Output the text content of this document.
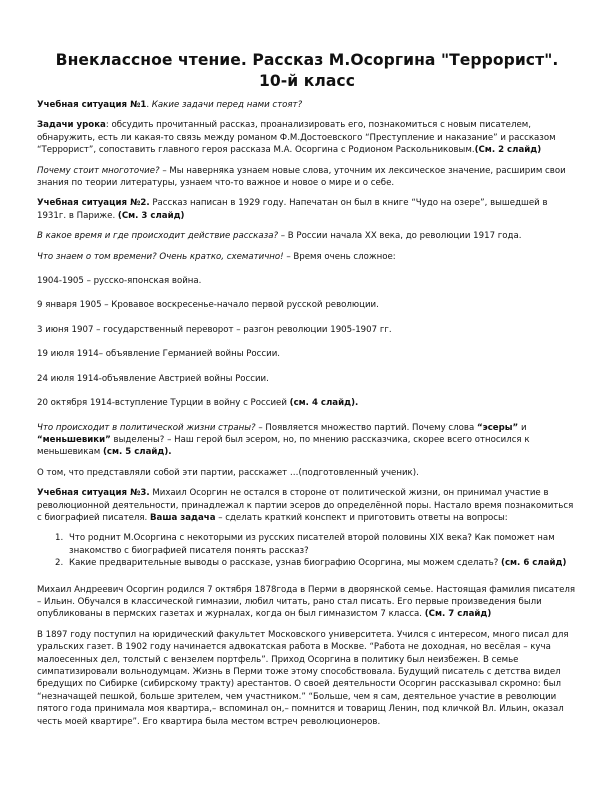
Внеклассное чтение. Рассказ М.Осоргина "Террорист".
10-й класс

Учебная ситуация №1. Какие задачи перед нами стоят?

Задачи урока: обсудить прочитанный рассказ, проанализировать его, познакомиться с новым писателем, обнаружить, есть ли какая-то связь между романом Ф.М.Достоевского “Преступление и наказание” и рассказом “Террорист”, сопоставить главного героя рассказа М.А. Осоргина с Родионом Раскольниковым.(См. 2 слайд)

Почему стоит многоточие? – Мы наверняка узнаем новые слова, уточним их лексическое значение, расширим свои знания по теории литературы, узнаем что-то важное и новое о мире и о себе.

Учебная ситуация №2. Рассказ написан в 1929 году. Напечатан он был в книге “Чудо на озере”, вышедшей в 1931г. в Париже. (См. 3 слайд)

В какое время и где происходит действие рассказа? – В России начала XX века, до революции 1917 года.

Что знаем о том времени? Очень кратко, схематично! – Время очень сложное:

1904-1905 – русско-японская война.

9 января 1905 – Кровавое воскресенье-начало первой русской революции.

3 июня 1907 – государственный переворот – разгон революции 1905-1907 гг.

19 июля 1914– объявление Германией войны России.

24 июля 1914-объявление Австрией войны России.

20 октября 1914-вступление Турции в войну с Россией (см. 4 слайд).

Что происходит в политической жизни страны? – Появляется множество партий. Почему слова “эсеры” и “меньшевики” выделены? – Наш герой был эсером, но, по мнению рассказчика, скорее всего относился к меньшевикам (см. 5 слайд).

О том, что представляли собой эти партии, расскажет …(подготовленный ученик).

Учебная ситуация №3. Михаил Осоргин не остался в стороне от политической жизни, он принимал участие в революционной деятельности, принадлежал к партии эсеров до определённой поры. Настало время познакомиться с биографией писателя. Ваша задача – сделать краткий конспект и приготовить ответы на вопросы:

1. Что роднит М.Осоргина с некоторыми из русских писателей второй половины XIX века? Как поможет нам знакомство с биографией писателя понять рассказ?
2. Какие предварительные выводы о рассказе, узнав биографию Осоргина, мы можем сделать? (см. 6 слайд)

Михаил Андреевич Осоргин родился 7 октября 1878года в Перми в дворянской семье. Настоящая фамилия писателя – Ильин. Обучался в классической гимназии, любил читать, рано стал писать. Его первые произведения были опубликованы в пермских газетах и журналах, когда он был гимназистом 7 класса. (См. 7 слайд)

В 1897 году поступил на юридический факультет Московского университета. Учился с интересом, много писал для уральских газет. В 1902 году начинается адвокатская работа в Москве. “Работа не доходная, но весёлая – куча малоесенных дел, толстый с вензелем портфель”. Приход Осоргина в политику был неизбежен. В семье симпатизировали вольнодумцам. Жизнь в Перми тоже этому способствовала. Будущий писатель с детства видел бредущих по Сибирке (сибирскому тракту) арестантов. О своей деятельности Осоргин рассказывал скромно: был “незначащей пешкой, больше зрителем, чем участником.” “Больше, чем я сам, деятельное участие в революции пятого года принимала моя квартира,– вспоминал он,– помнится и товарищ Ленин, под кличкой Вл. Ильин, оказал честь моей квартире”. Его квартира была местом встреч революционеров.
